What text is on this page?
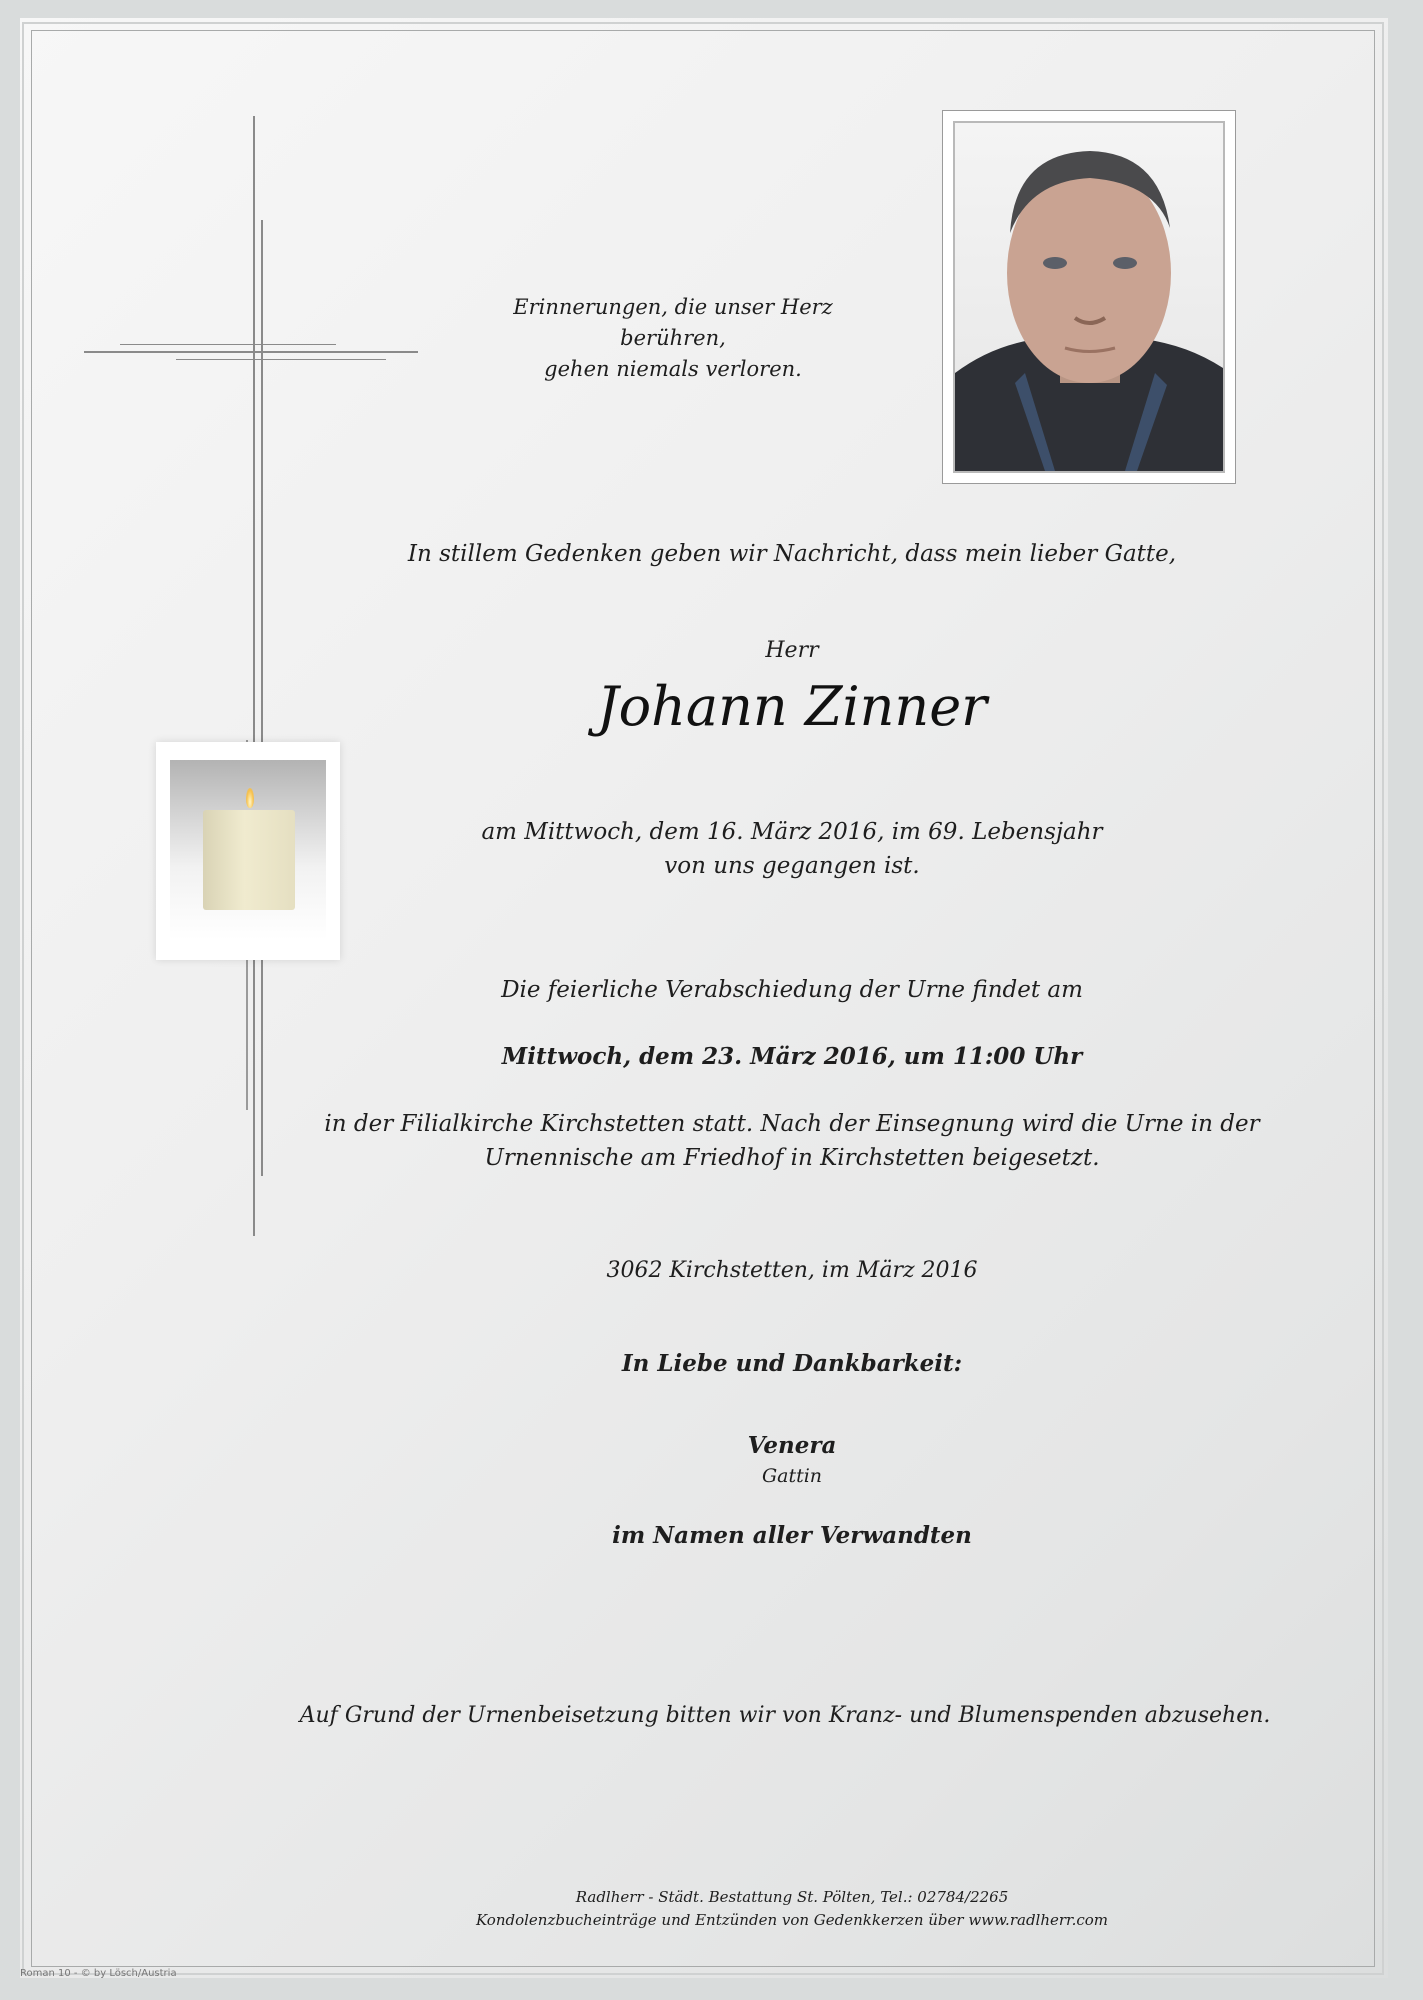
Erinnerungen, die unser Herz
berühren,
gehen niemals verloren.
In stillem Gedenken geben wir Nachricht, dass mein lieber Gatte,
Herr
Johann Zinner
am Mittwoch, dem 16. März 2016, im 69. Lebensjahr
von uns gegangen ist.
Die feierliche Verabschiedung der Urne findet am
Mittwoch, dem 23. März 2016, um 11:00 Uhr
in der Filialkirche Kirchstetten statt. Nach der Einsegnung wird die Urne in der
Urnennische am Friedhof in Kirchstetten beigesetzt.
3062 Kirchstetten, im März 2016
In Liebe und Dankbarkeit:
Venera
Gattin
im Namen aller Verwandten
Auf Grund der Urnenbeisetzung bitten wir von Kranz- und Blumenspenden abzusehen.
Radlherr - Städt. Bestattung St. Pölten, Tel.: 02784/2265
Kondolenzbucheinträge und Entzünden von Gedenkkerzen über www.radlherr.com
Roman 10 - © by Lösch/Austria
